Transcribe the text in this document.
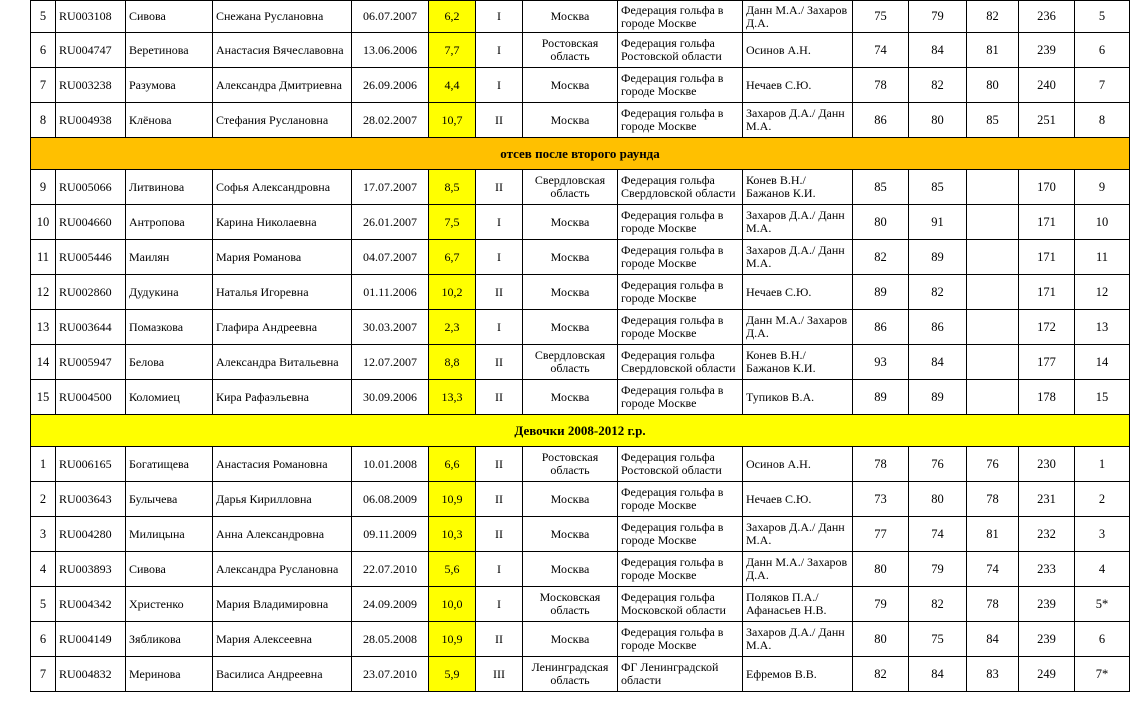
5	RU003108	Сивова	Снежана Руслановна	06.07.2007	6,2	I	Москва	Федерация гольфа в городе Москве	Данн М.А./ Захаров Д.А.	75	79	82	236	5
6	RU004747	Веретинова	Анастасия Вячеславовна	13.06.2006	7,7	I	Ростовская область	Федерация гольфа Ростовской области	Осинов А.Н.	74	84	81	239	6
7	RU003238	Разумова	Александра Дмитриевна	26.09.2006	4,4	I	Москва	Федерация гольфа в городе Москве	Нечаев С.Ю.	78	82	80	240	7
8	RU004938	Клёнова	Стефания Руслановна	28.02.2007	10,7	II	Москва	Федерация гольфа в городе Москве	Захаров Д.А./ Данн М.А.	86	80	85	251	8
отсев после второго раунда														
9	RU005066	Литвинова	Софья Александровна	17.07.2007	8,5	II	Свердловская область	Федерация гольфа Свердловской области	Конев В.Н./ Бажанов К.И.	85	85		170	9
10	RU004660	Антропова	Карина Николаевна	26.01.2007	7,5	I	Москва	Федерация гольфа в городе Москве	Захаров Д.А./ Данн М.А.	80	91		171	10
11	RU005446	Маилян	Мария Романова	04.07.2007	6,7	I	Москва	Федерация гольфа в городе Москве	Захаров Д.А./ Данн М.А.	82	89		171	11
12	RU002860	Дудукина	Наталья Игоревна	01.11.2006	10,2	II	Москва	Федерация гольфа в городе Москве	Нечаев С.Ю.	89	82		171	12
13	RU003644	Помазкова	Глафира Андреевна	30.03.2007	2,3	I	Москва	Федерация гольфа в городе Москве	Данн М.А./ Захаров Д.А.	86	86		172	13
14	RU005947	Белова	Александра Витальевна	12.07.2007	8,8	II	Свердловская область	Федерация гольфа Свердловской области	Конев В.Н./ Бажанов К.И.	93	84		177	14
15	RU004500	Коломиец	Кира Рафаэльевна	30.09.2006	13,3	II	Москва	Федерация гольфа в городе Москве	Тупиков В.А.	89	89		178	15
Девочки 2008-2012 г.р.														
1	RU006165	Богатищева	Анастасия Романовна	10.01.2008	6,6	II	Ростовская область	Федерация гольфа Ростовской области	Осинов А.Н.	78	76	76	230	1
2	RU003643	Булычева	Дарья Кирилловна	06.08.2009	10,9	II	Москва	Федерация гольфа в городе Москве	Нечаев С.Ю.	73	80	78	231	2
3	RU004280	Милицына	Анна Александровна	09.11.2009	10,3	II	Москва	Федерация гольфа в городе Москве	Захаров Д.А./ Данн М.А.	77	74	81	232	3
4	RU003893	Сивова	Александра Руслановна	22.07.2010	5,6	I	Москва	Федерация гольфа в городе Москве	Данн М.А./ Захаров Д.А.	80	79	74	233	4
5	RU004342	Христенко	Мария Владимировна	24.09.2009	10,0	I	Московская область	Федерация гольфа Московской области	Поляков П.А./ Афанасьев Н.В.	79	82	78	239	5*
6	RU004149	Зябликова	Мария Алексеевна	28.05.2008	10,9	II	Москва	Федерация гольфа в городе Москве	Захаров Д.А./ Данн М.А.	80	75	84	239	6
7	RU004832	Меринова	Василиса Андреевна	23.07.2010	5,9	III	Ленинградская область	ФГ Ленинградской области	Ефремов В.В.	82	84	83	249	7*
